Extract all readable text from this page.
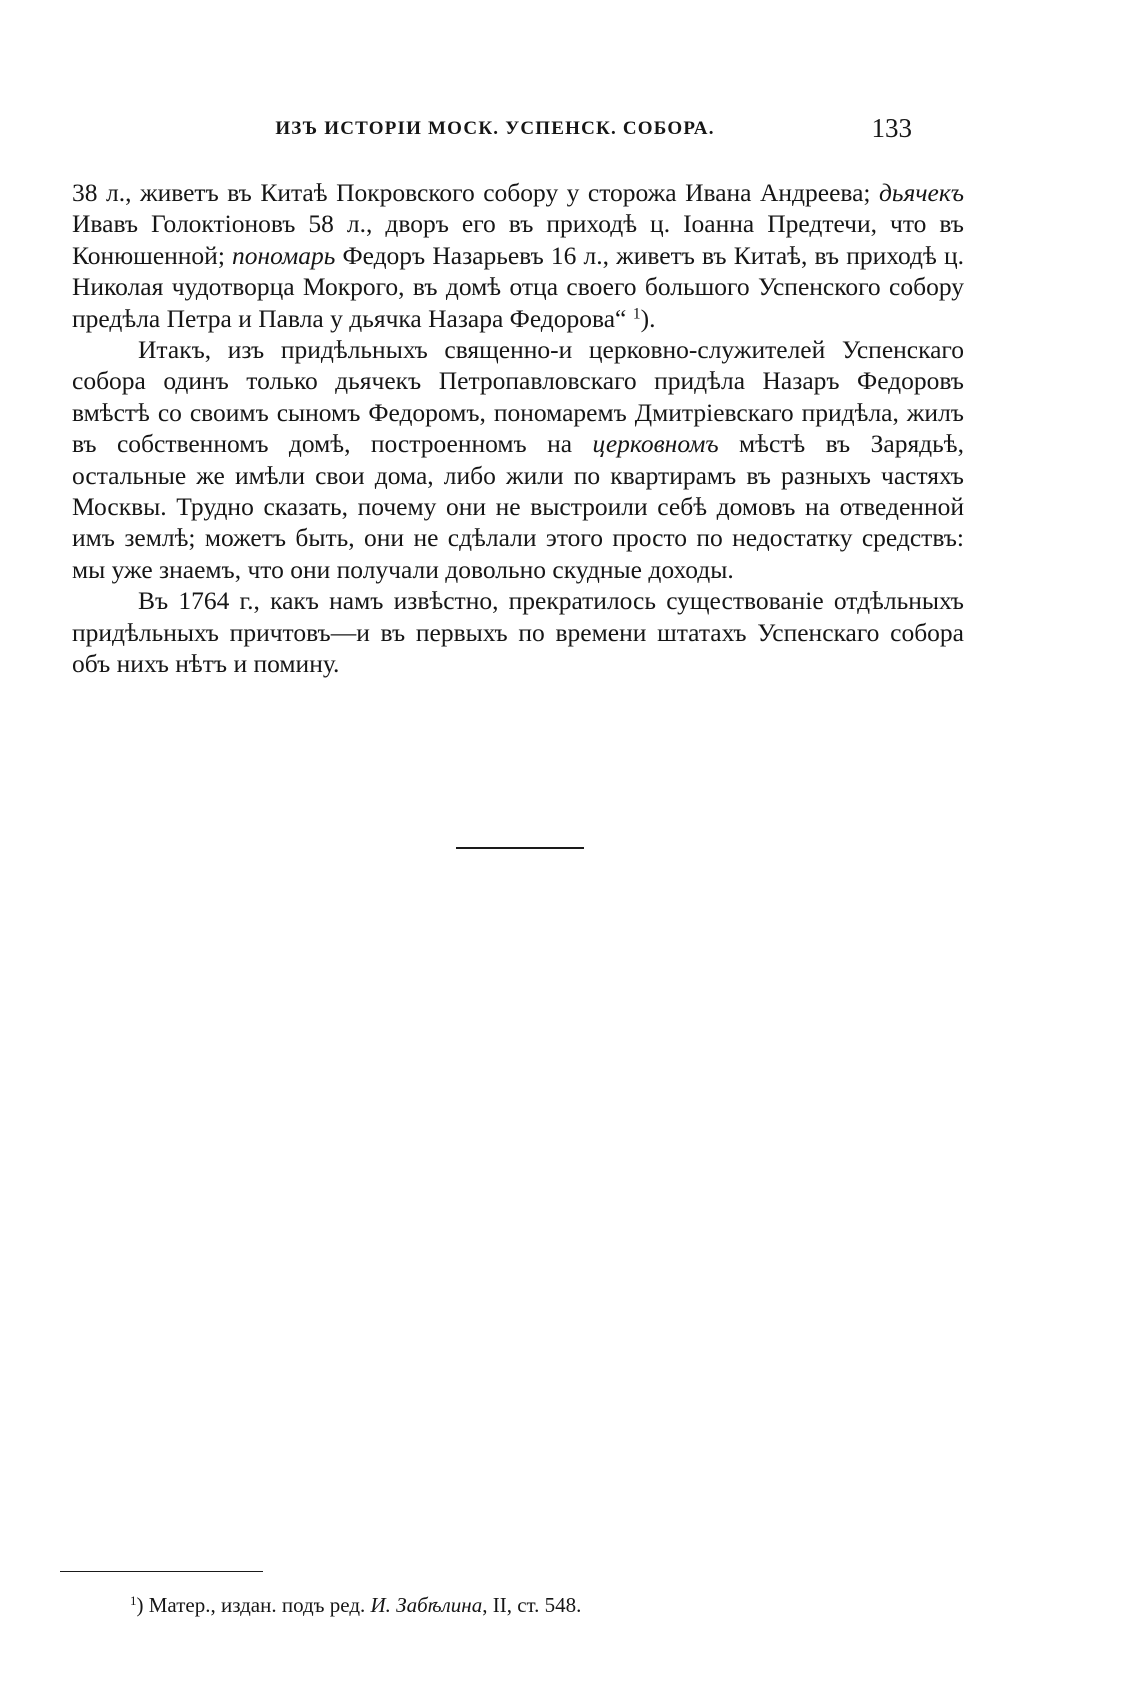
ИЗЪ ИСТОРІИ МОСК. УСПЕНСК. СОБОРА.	133

38 л., живетъ въ Китаѣ Покровского собору у сторожа Ивана Андреева; дьячекъ Ивавъ Голоктіоновъ 58 л., дворъ его въ приходѣ ц. Іоанна Предтечи, что въ Конюшенной; пономарь Федоръ Назарьевъ 16 л., живетъ въ Китаѣ, въ приходѣ ц. Николая чудотворца Мокрого, въ домѣ отца своего большого Успенского собору предѣла Петра и Павла у дьячка Назара Федорова“ $^1$).

Итакъ, изъ придѣльныхъ священно-и церковно-служителей Успенскаго собора одинъ только дьячекъ Петропавловскаго придѣла Назаръ Федоровъ вмѣстѣ со своимъ сыномъ Федоромъ, пономаремъ Дмитріевскаго придѣла, жилъ въ собственномъ домѣ, построенномъ на церковномъ мѣстѣ въ Зарядьѣ, остальные же имѣли свои дома, либо жили по квартирамъ въ разныхъ частяхъ Москвы. Трудно сказать, почему они не выстроили себѣ домовъ на отведенной имъ землѣ; можетъ быть, они не сдѣлали этого просто по недостатку средствъ: мы уже знаемъ, что они получали довольно скудные доходы.

Въ 1764 г., какъ намъ извѣстно, прекратилось существованіе отдѣльныхъ придѣльныхъ причтовъ—и въ первыхъ по времени штатахъ Успенскаго собора объ нихъ нѣтъ и помину.

$^1$) Матер., издан. подъ ред. И. Забѣлина, II, ст. 548.
